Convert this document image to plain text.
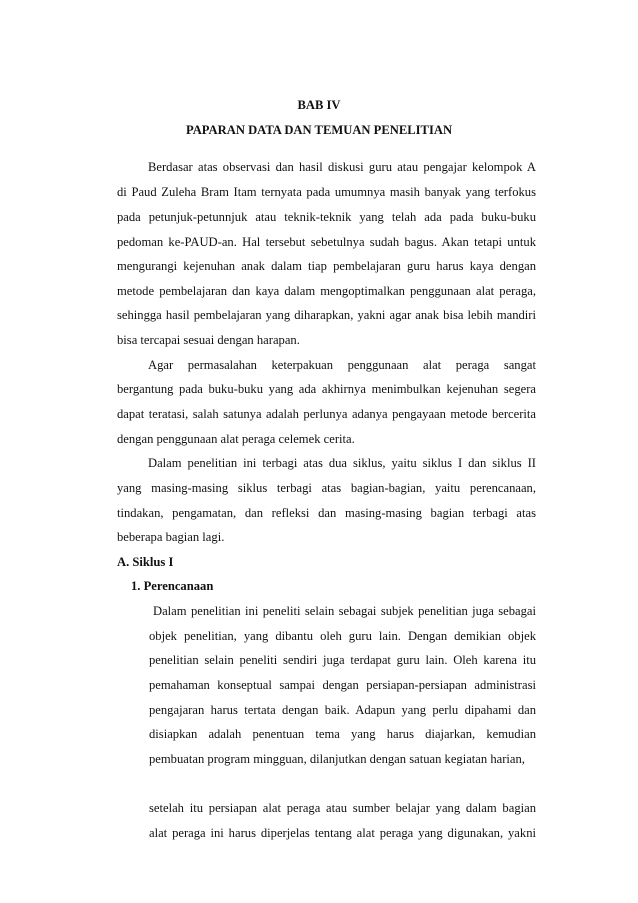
BAB IV
PAPARAN DATA DAN TEMUAN PENELITIAN
Berdasar atas observasi dan hasil diskusi guru atau pengajar kelompok A
di Paud Zuleha Bram Itam ternyata pada umumnya masih banyak yang terfokus
pada petunjuk-petunnjuk atau teknik-teknik yang telah ada pada buku-buku
pedoman ke-PAUD-an. Hal tersebut sebetulnya sudah bagus. Akan tetapi untuk
mengurangi kejenuhan anak dalam tiap pembelajaran guru harus kaya dengan
metode pembelajaran dan kaya dalam mengoptimalkan penggunaan alat peraga,
sehingga hasil pembelajaran yang diharapkan, yakni agar anak bisa lebih mandiri
bisa tercapai sesuai dengan harapan.
Agar permasalahan keterpakuan penggunaan alat peraga sangat
bergantung pada buku-buku yang ada akhirnya menimbulkan kejenuhan segera
dapat teratasi, salah satunya adalah perlunya adanya pengayaan metode bercerita
dengan penggunaan alat peraga celemek cerita.
Dalam penelitian ini terbagi atas dua siklus, yaitu siklus I dan siklus II
yang masing-masing siklus terbagi atas bagian-bagian, yaitu perencanaan,
tindakan, pengamatan, dan refleksi dan masing-masing bagian terbagi atas
beberapa bagian lagi.
A. Siklus I
1. Perencanaan
Dalam penelitian ini peneliti selain sebagai subjek penelitian juga sebagai
objek penelitian, yang dibantu oleh guru lain. Dengan demikian objek
penelitian selain peneliti sendiri juga terdapat guru lain. Oleh karena itu
pemahaman konseptual sampai dengan persiapan-persiapan administrasi
pengajaran harus tertata dengan baik. Adapun yang perlu dipahami dan
disiapkan adalah penentuan tema yang harus diajarkan, kemudian
pembuatan program mingguan, dilanjutkan dengan satuan kegiatan harian,
setelah itu persiapan alat peraga atau sumber belajar yang dalam bagian
alat peraga ini harus diperjelas tentang alat peraga yang digunakan, yakni
